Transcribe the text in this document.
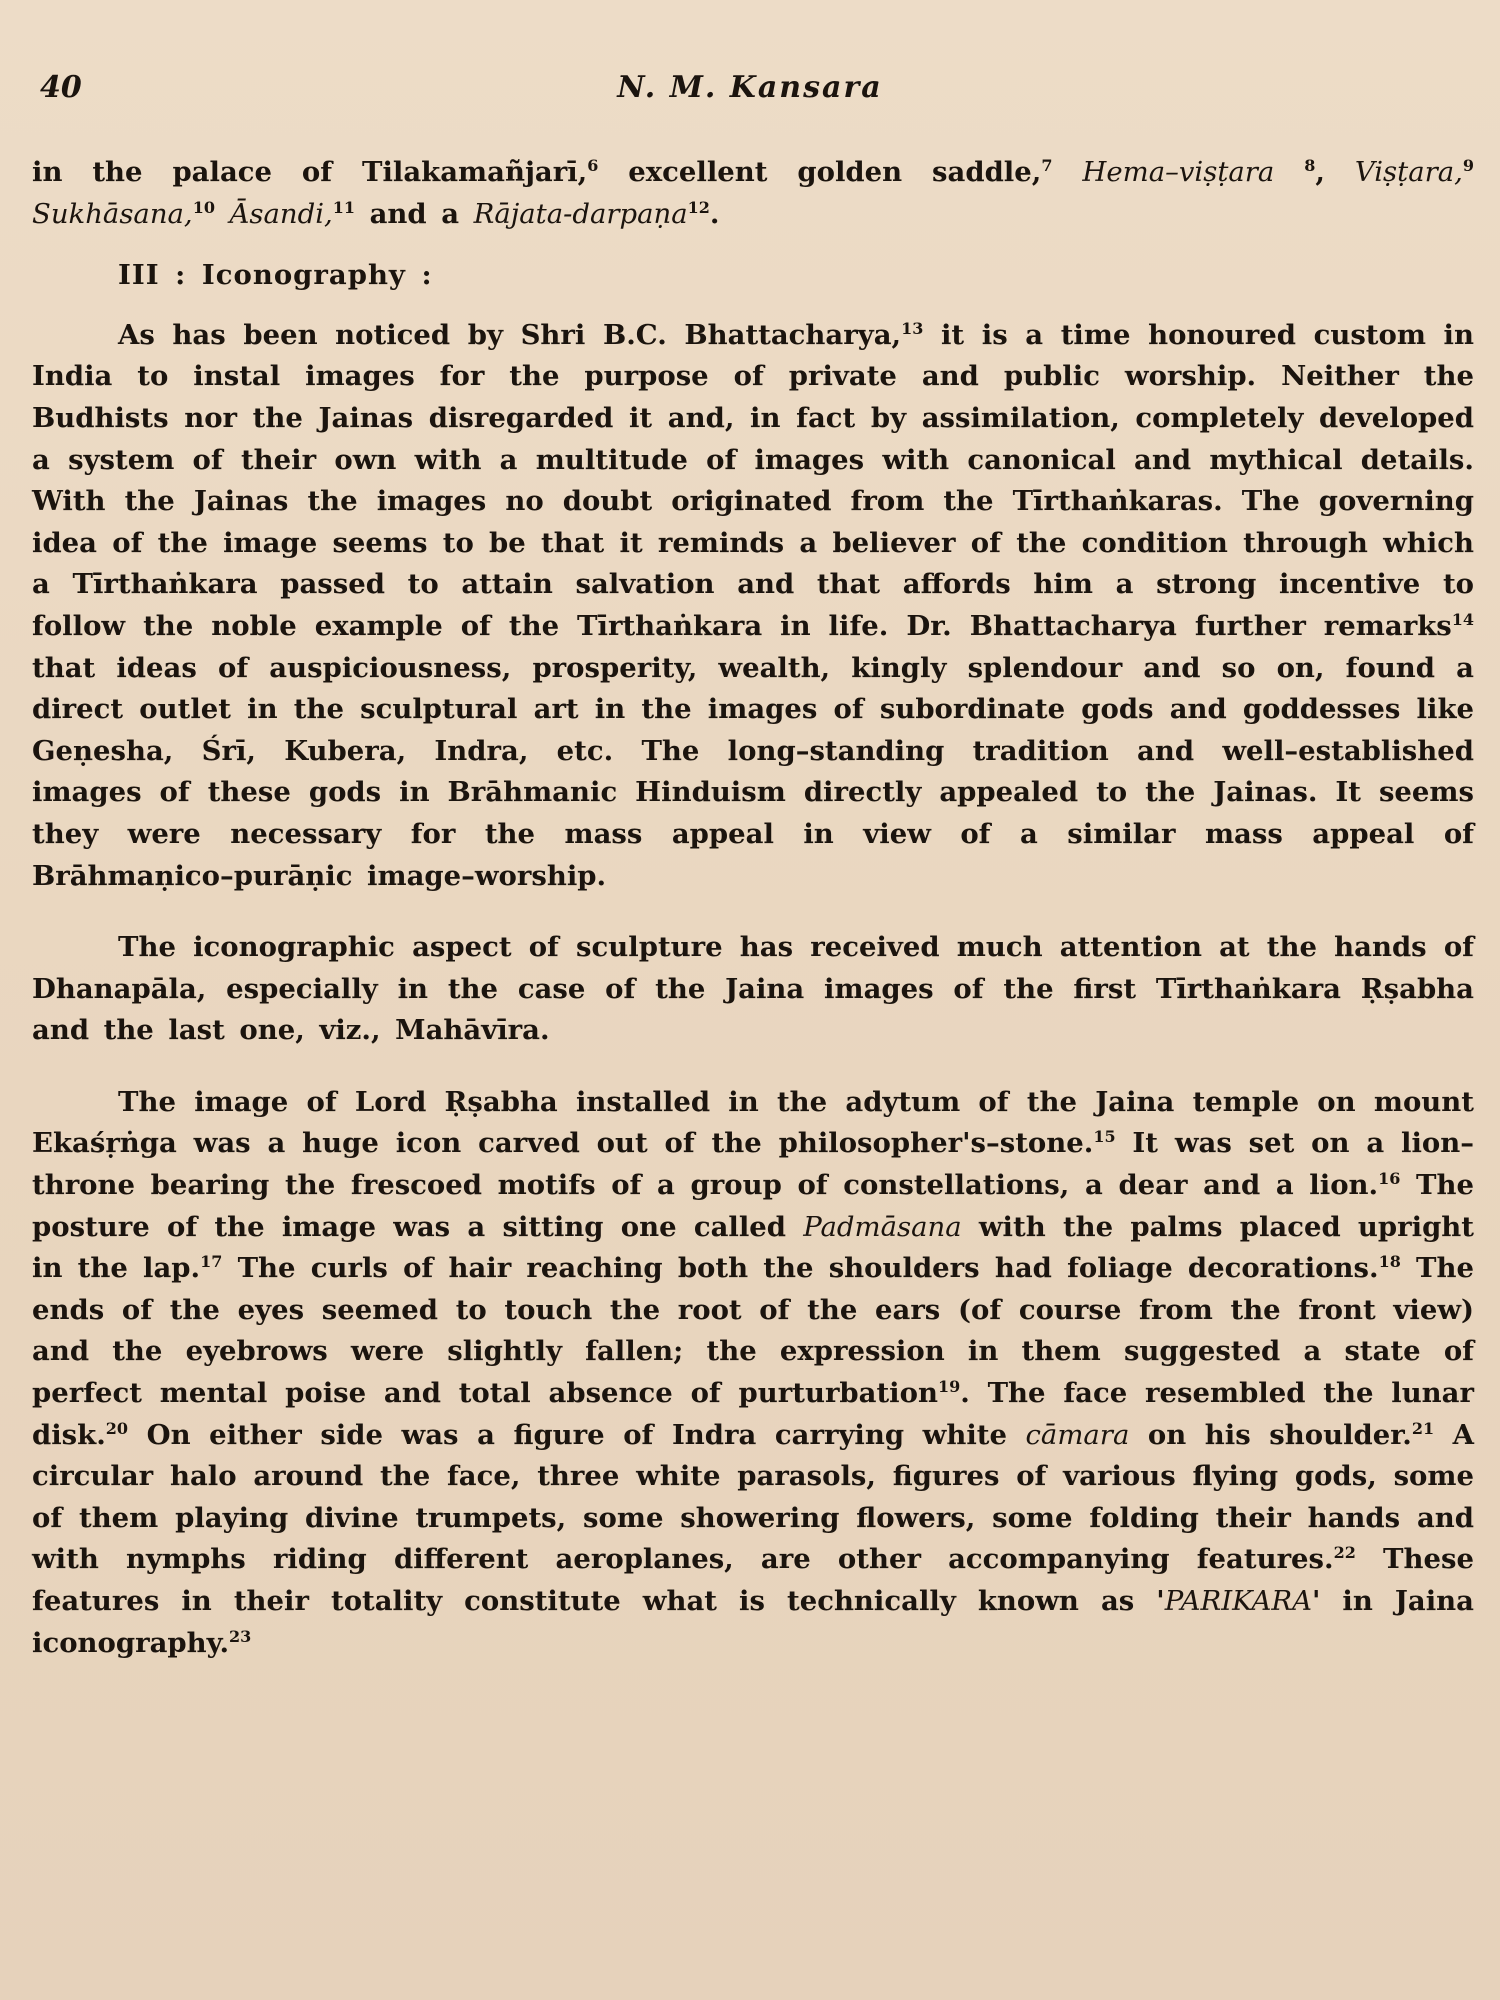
40	N. M. Kansara

in the palace of Tilakamañjarī,$^6$ excellent golden saddle,$^7$ Hema–viṣṭara $^8$, Viṣṭara,$^9$ Sukhāsana,$^{10}$ Āsandi,$^{11}$ and a Rājata-darpaṇa$^{12}$.

III : Iconography :

As has been noticed by Shri B.C. Bhattacharya,$^{13}$ it is a time honoured custom in India to instal images for the purpose of private and public worship. Neither the Budhists nor the Jainas disregarded it and, in fact by assimilation, completely developed a system of their own with a multitude of images with canonical and mythical details. With the Jainas the images no doubt originated from the Tīrthaṅkaras. The governing idea of the image seems to be that it reminds a believer of the condition through which a Tīrthaṅkara passed to attain salvation and that affords him a strong incentive to follow the noble example of the Tīrthaṅkara in life. Dr. Bhattacharya further remarks$^{14}$ that ideas of auspiciousness, prosperity, wealth, kingly splendour and so on, found a direct outlet in the sculptural art in the images of subordinate gods and goddesses like Geṇesha, Śrī, Kubera, Indra, etc. The long–standing tradition and well–established images of these gods in Brāhmanic Hinduism directly appealed to the Jainas. It seems they were necessary for the mass appeal in view of a similar mass appeal of Brāhmaṇico–purāṇic image–worship.

The iconographic aspect of sculpture has received much attention at the hands of Dhanapāla, especially in the case of the Jaina images of the first Tīrthaṅkara Ṛṣabha and the last one, viz., Mahāvīra.

The image of Lord Ṛṣabha installed in the adytum of the Jaina temple on mount Ekaśṛṅga was a huge icon carved out of the philosopher's–stone.$^{15}$ It was set on a lion–throne bearing the frescoed motifs of a group of constellations, a dear and a lion.$^{16}$ The posture of the image was a sitting one called Padmāsana with the palms placed upright in the lap.$^{17}$ The curls of hair reaching both the shoulders had foliage decorations.$^{18}$ The ends of the eyes seemed to touch the root of the ears (of course from the front view) and the eyebrows were slightly fallen; the expression in them suggested a state of perfect mental poise and total absence of purturbation$^{19}$. The face resembled the lunar disk.$^{20}$ On either side was a figure of Indra carrying white cāmara on his shoulder.$^{21}$ A circular halo around the face, three white parasols, figures of various flying gods, some of them playing divine trumpets, some showering flowers, some folding their hands and with nymphs riding different aeroplanes, are other accompanying features.$^{22}$ These features in their totality constitute what is technically known as 'PARIKARA' in Jaina iconography.$^{23}$
